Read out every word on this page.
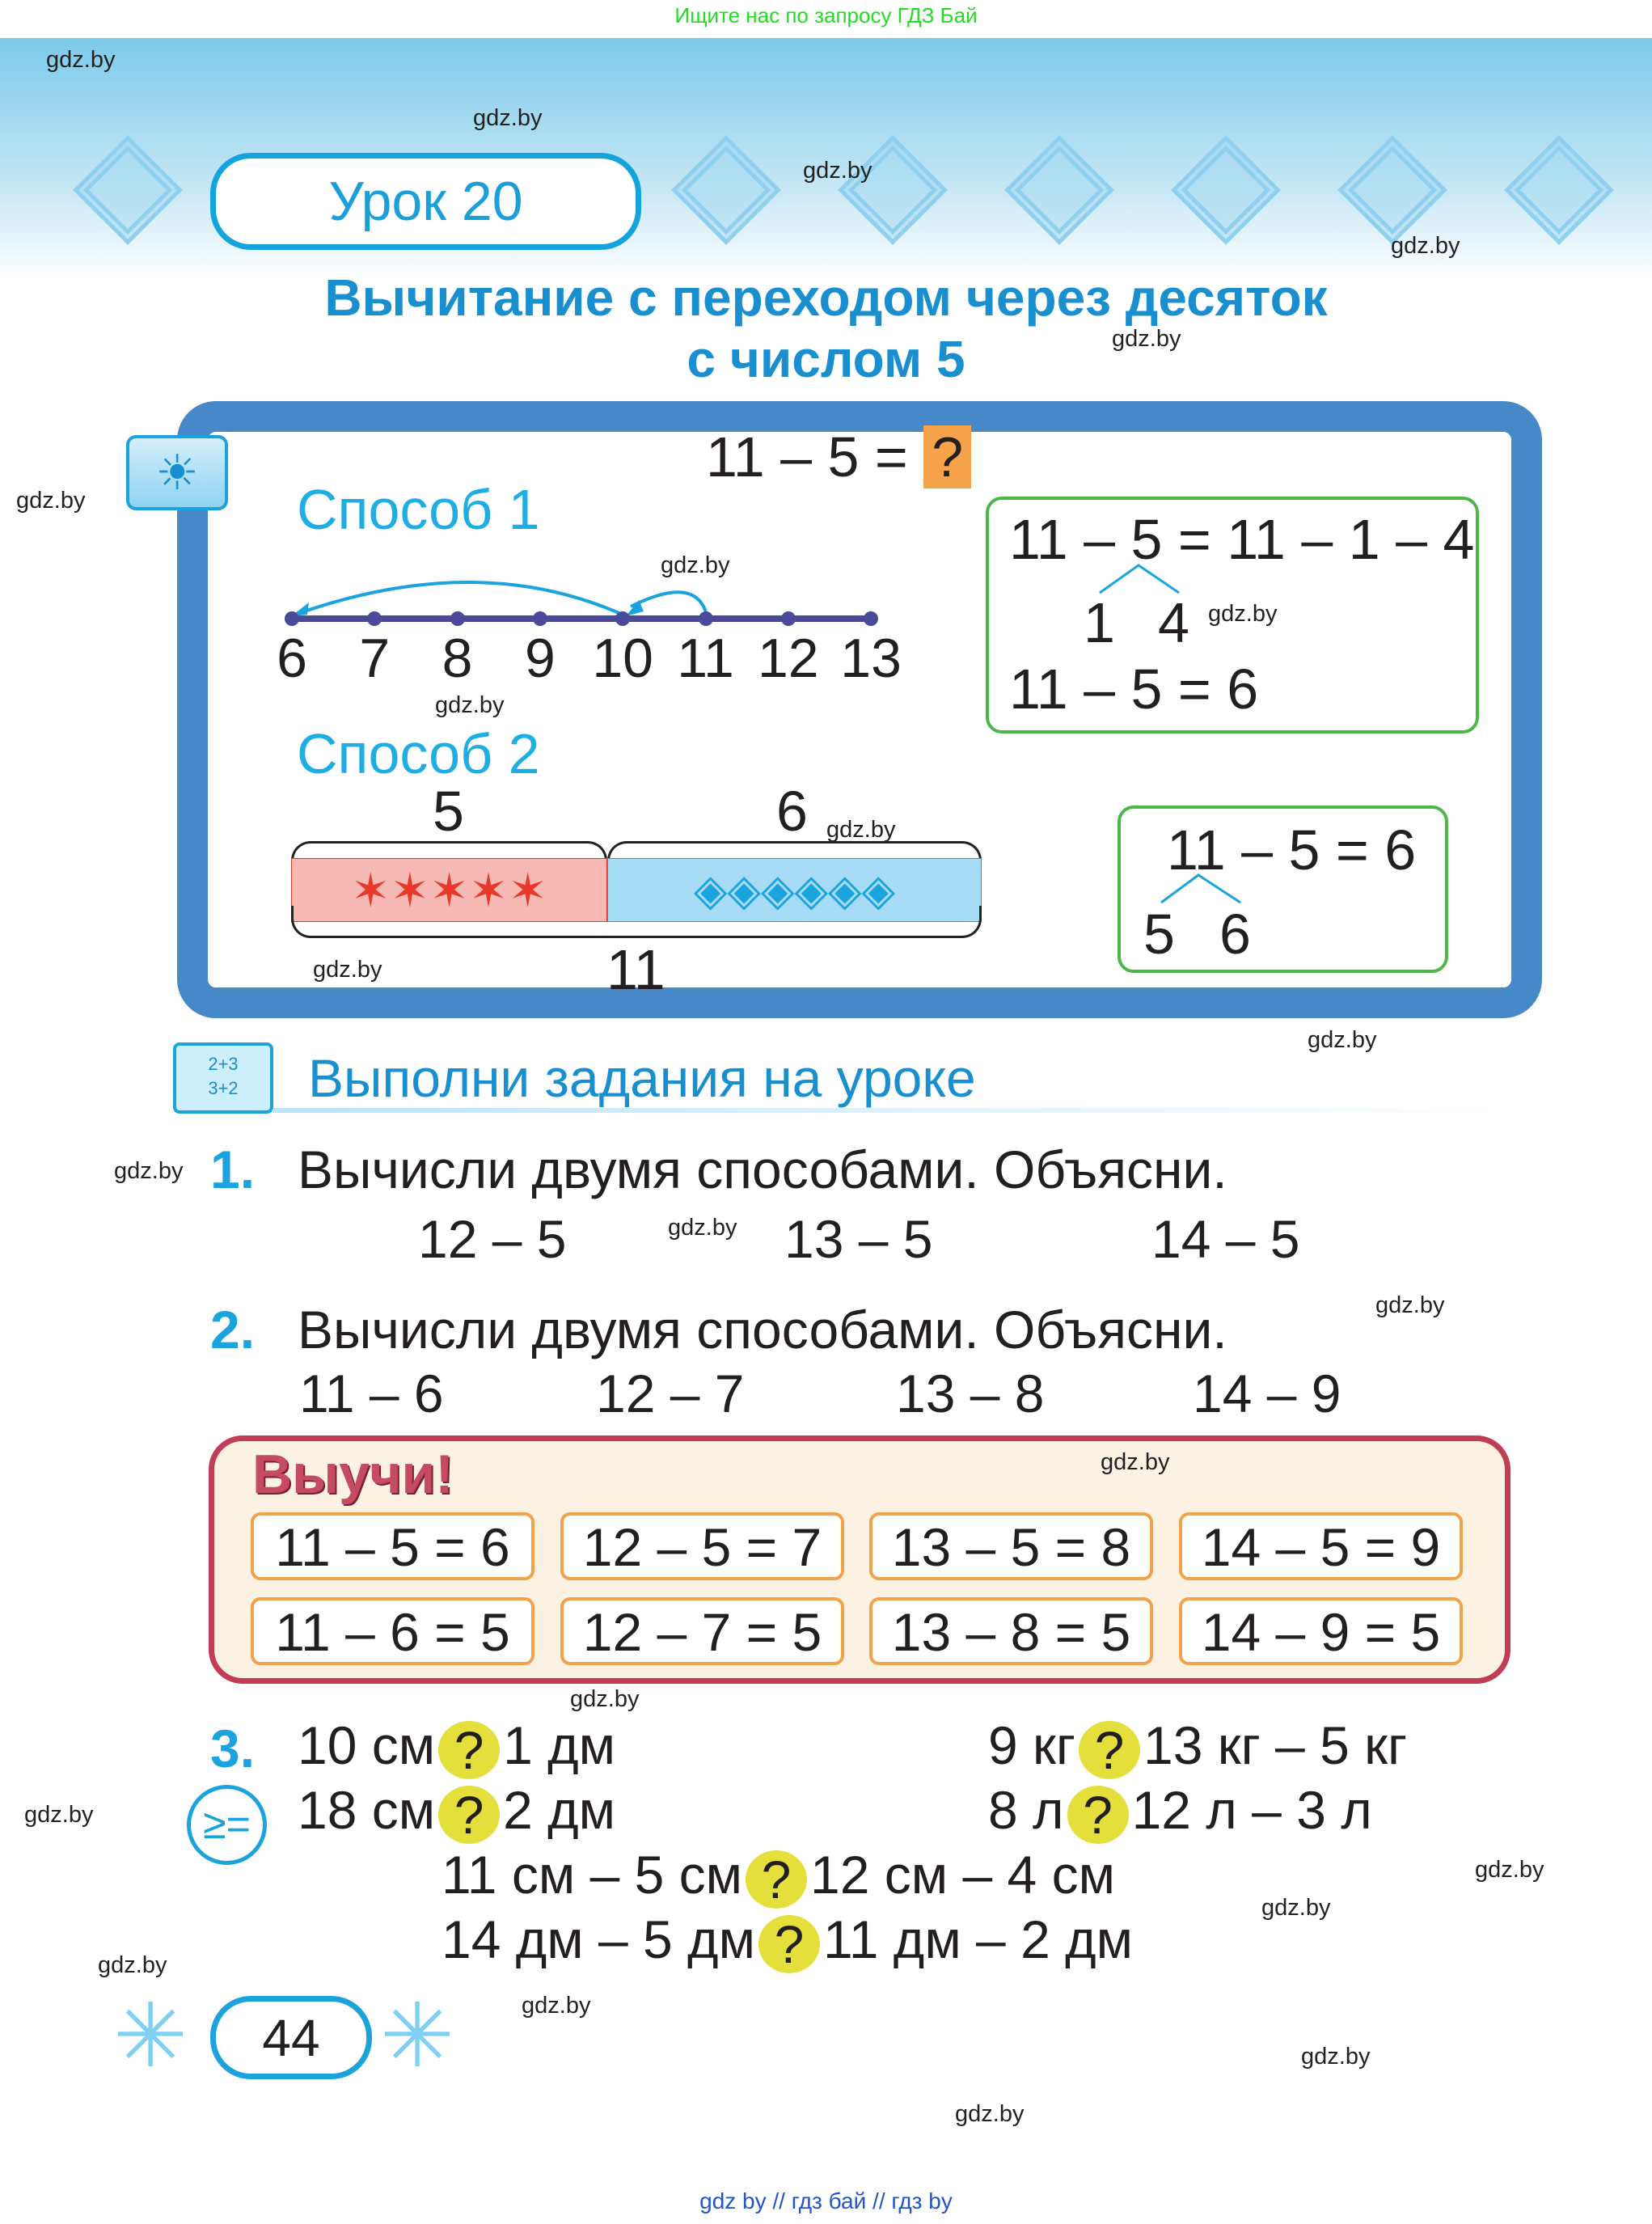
Ищите нас по запросу ГДЗ Бай
Урок 20
Вычитание с переходом через десяток
с числом 5
☀	11 – 5 = ?
Способ 1
6 7 8 9 10 11 12 13
11 – 5 = 11 – 1 – 4
1 4
11 – 5 = 6
Способ 2
5	6
✶✶✶✶✶	◈◈◈◈◈◈
11
11 – 5 = 6
5 6
2+3
3+2	Выполни задания на уроке
1. Вычисли двумя способами. Объясни.
12 – 5	13 – 5	14 – 5
2. Вычисли двумя способами. Объясни.
11 – 6	12 – 7	13 – 8	14 – 9
Выучи!
11 – 5 = 6	12 – 5 = 7	13 – 5 = 8	14 – 5 = 9
11 – 6 = 5	12 – 7 = 5	13 – 8 = 5	14 – 9 = 5
3.
≥=
10 см ? 1 дм
18 см ? 2 дм
9 кг ? 13 кг – 5 кг
8 л ? 12 л – 3 л
11 см – 5 см ? 12 см – 4 см
14 дм – 5 дм ? 11 дм – 2 дм
✳ ✳
44
gdz.by
gdz.by
gdz.by
gdz.by
gdz.by
gdz.by
gdz.by
gdz.by
gdz.by
gdz.by
gdz.by
gdz.by
gdz.by
gdz.by
gdz.by
gdz.by
gdz.by
gdz.by
gdz.by
gdz.by
gdz.by
gdz.by
gdz.by
gdz.by
gdz by // гдз бай // гдз by
